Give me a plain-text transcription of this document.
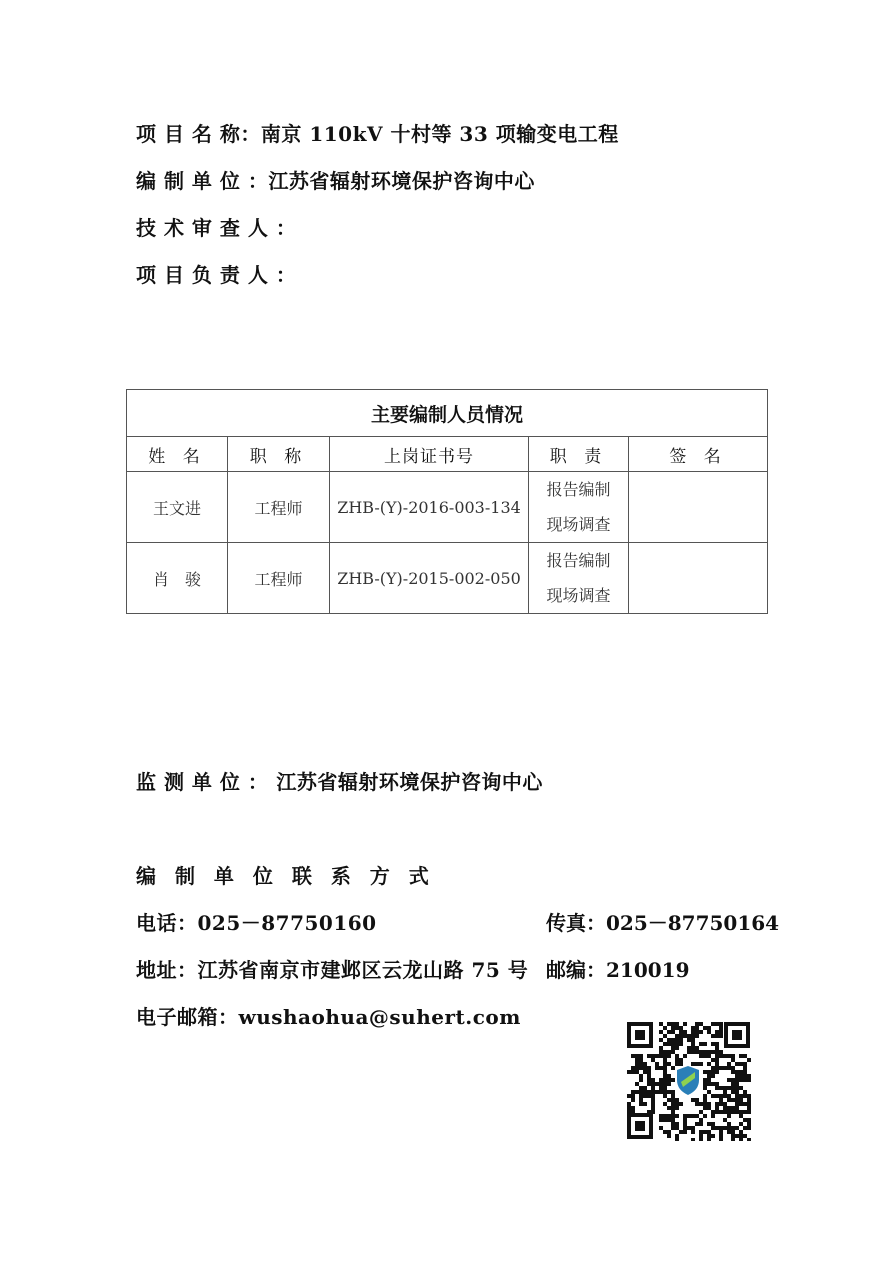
项 目 名 称：南京 110kV 十村等 33 项输变电工程
编 制 单 位 ：江苏省辐射环境保护咨询中心
技 术 审 查 人 ：
项 目 负 责 人 ：
主要编制人员情况				
姓 名	职 称	上岗证书号	职 责	签 名
王文进	工程师	ZHB-(Y)-2016-003-134	报告编制
现场调查	

肖　骏	工程师	ZHB-(Y)-2015-002-050	报告编制
现场调查	

监 测 单 位 ： 江苏省辐射环境保护咨询中心
编 制 单 位 联 系 方 式
电话：025－87750160	传真：025－87750164
地址：江苏省南京市建邺区云龙山路 75 号 邮编：210019
电子邮箱：wushaohua@suhert.com
